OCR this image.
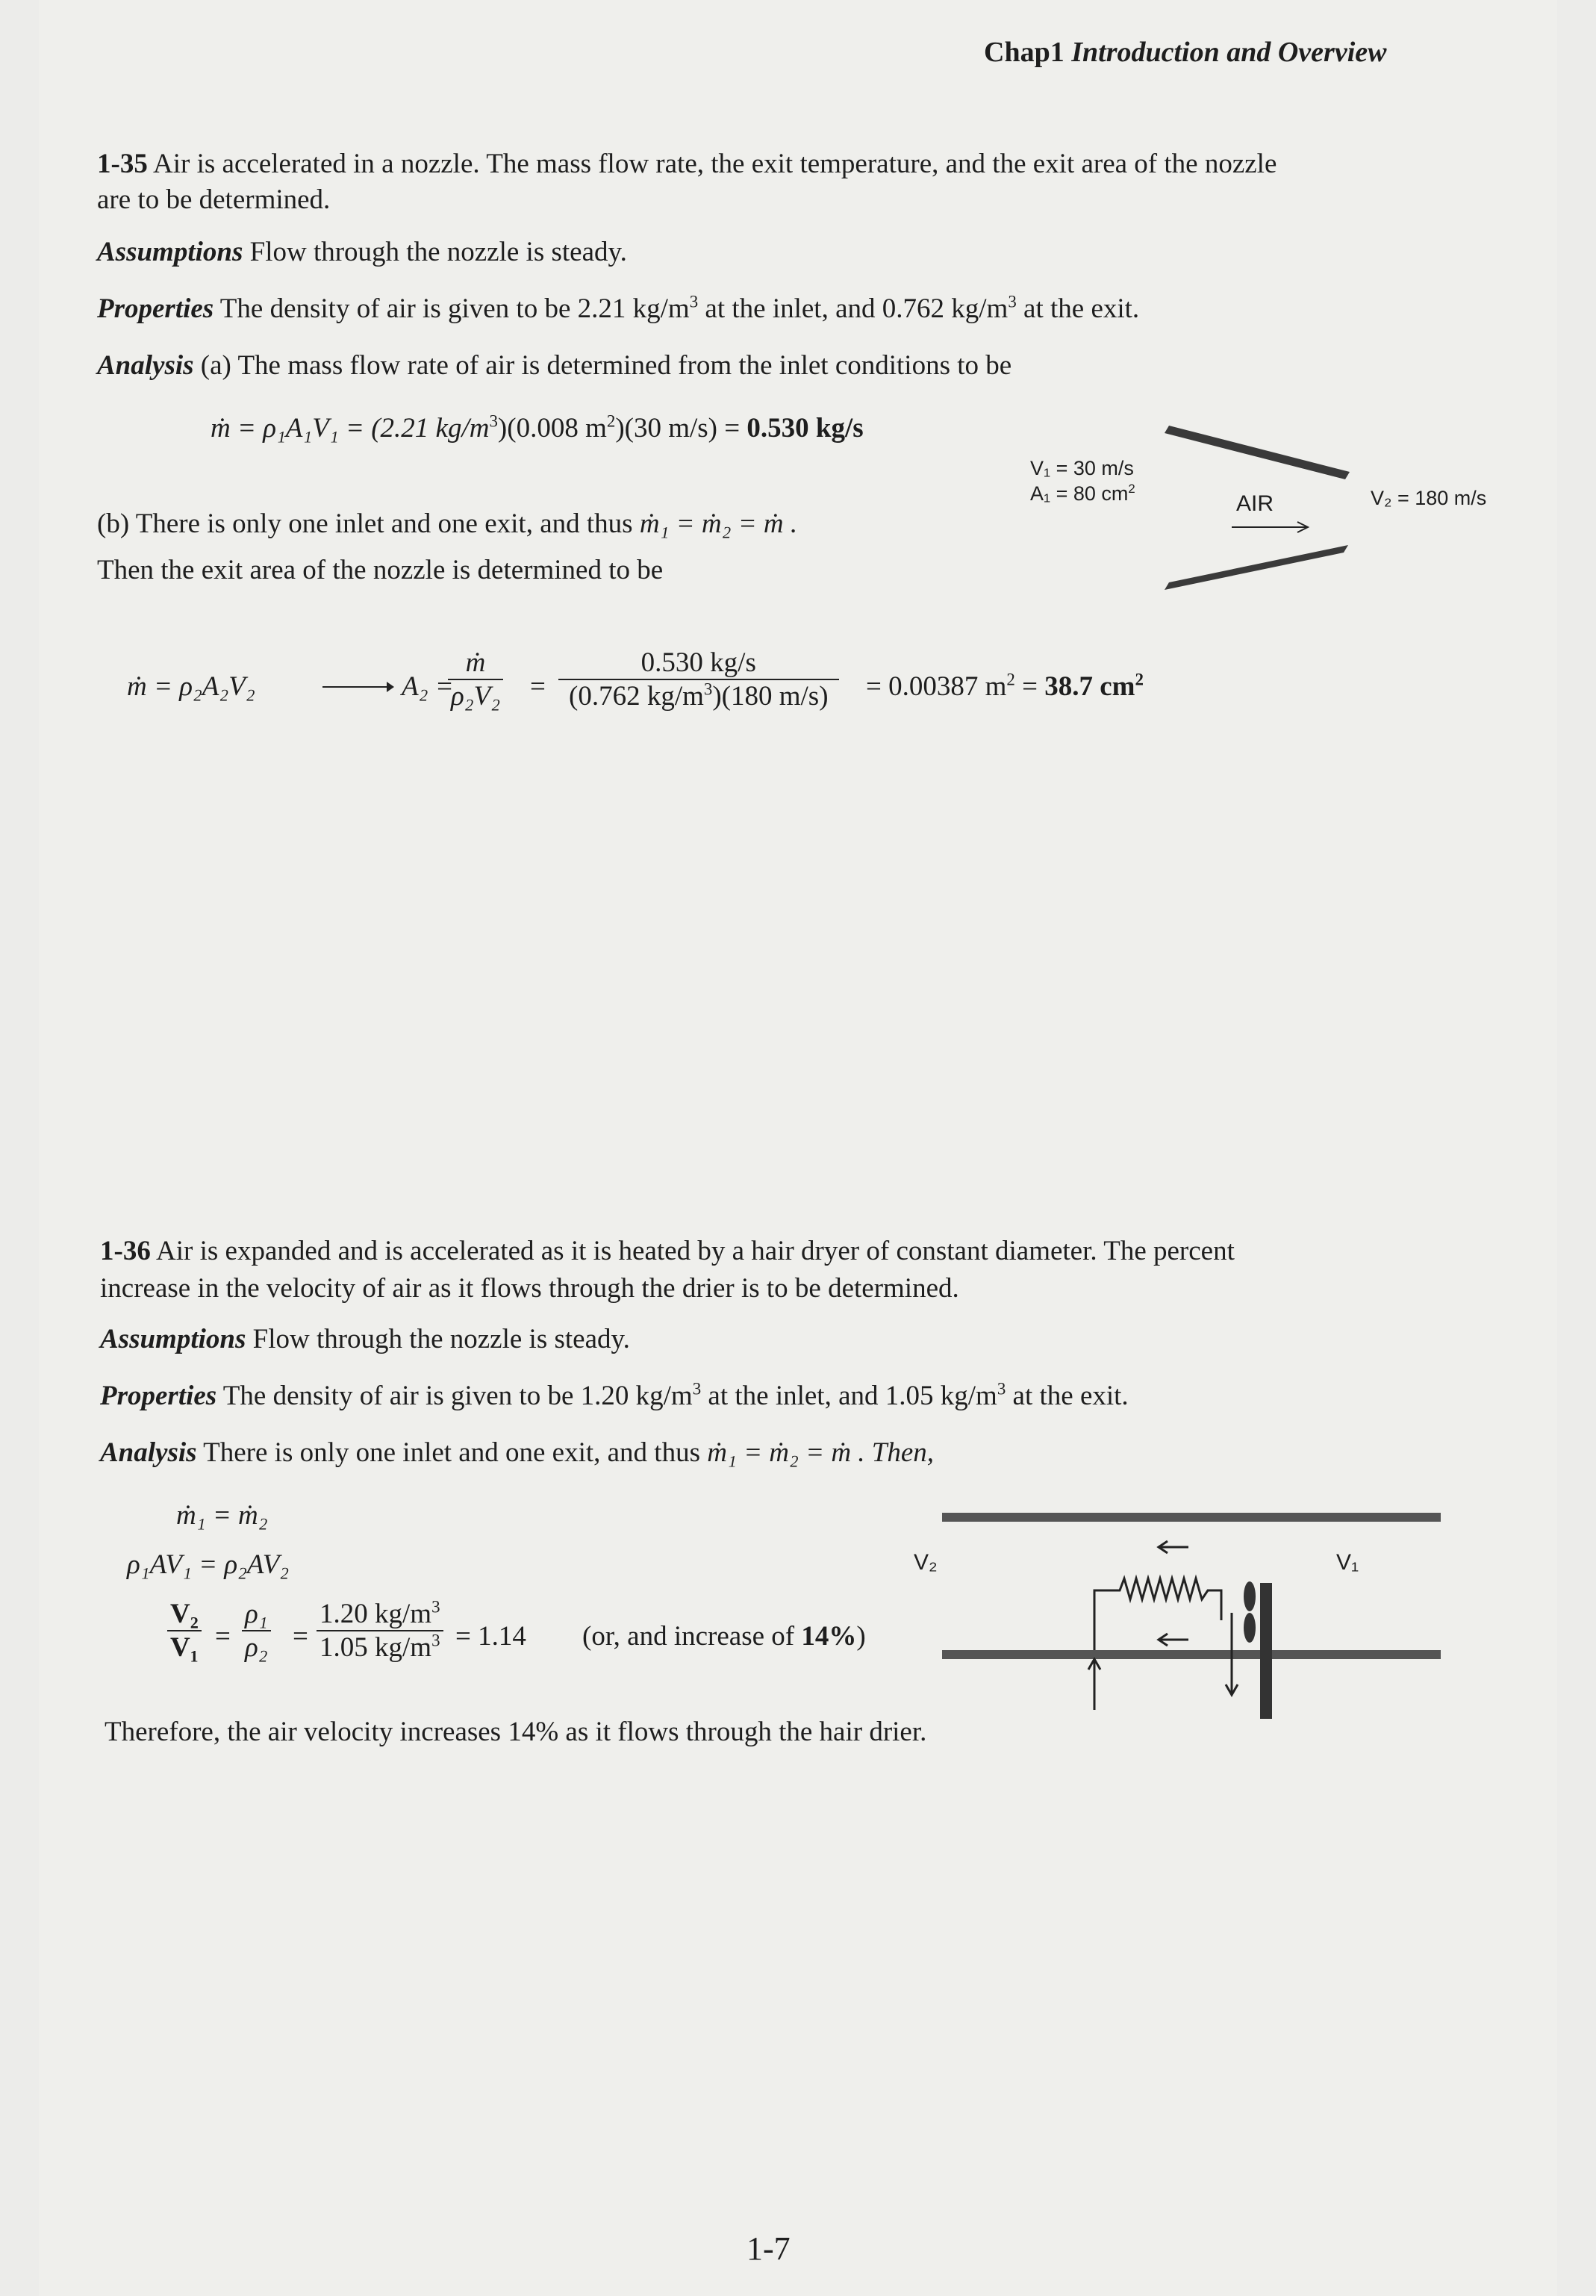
Chap1 Introduction and Overview
1-35 Air is accelerated in a nozzle. The mass flow rate, the exit temperature, and the exit area of the nozzle
are to be determined.
Assumptions Flow through the nozzle is steady.
Properties The density of air is given to be 2.21 $kg/m^3$ at the inlet, and 0.762 $kg/m^3$ at the exit.
Analysis (a) The mass flow rate of air is determined from the inlet conditions to be
ṁ = ρ₁A₁V₁ = (2.21 $kg/m^3)(0.008$ $m^2)(30$ m/s) = 0.530 kg/s
(b) There is only one inlet and one exit, and thus ṁ₁ = ṁ₂ = ṁ .
Then the exit area of the nozzle is determined to be
ṁ = ρ₂A₂V₂	A₂ =
$\frac{\text{ṁ}}{\text{ρ₂V₂}} = \frac{0.530 kg/s}{(0.762 kg/m^3)(180 m/s)} = 0.00387$ $m^2 = 38.7$ $cm^2$
V₁ = 30 m/s
A₁ = 80 $cm^2$
AIR	V₂ = 180 m/s
1-36 Air is expanded and is accelerated as it is heated by a hair dryer of constant diameter. The percent
increase in the velocity of air as it flows through the drier is to be determined.
Assumptions Flow through the nozzle is steady.
Properties The density of air is given to be 1.20 $kg/m^3$ at the inlet, and 1.05 $kg/m^3$ at the exit.
Analysis There is only one inlet and one exit, and thus ṁ₁ = ṁ₂ = ṁ . Then,
ṁ₁ = ṁ₂
ρ₁AV₁ = ρ₂AV₂
$\frac{\text{V₂}}{\text{V₁}} = \frac{\text{ρ₁}}{\text{ρ₂}} = \frac{1.20 kg/m^3}{1.05 kg/m^3} = 1.14$ (or, and increase of 14%)
Therefore, the air velocity increases 14% as it flows through the hair drier.
V₂	V₁
1-7
